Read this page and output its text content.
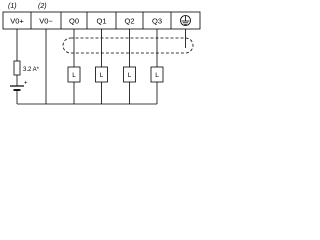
(1)	(2)
V0+ V0− Q0 Q1 Q2 Q3
L	L	L	L
3.2 A*
+
